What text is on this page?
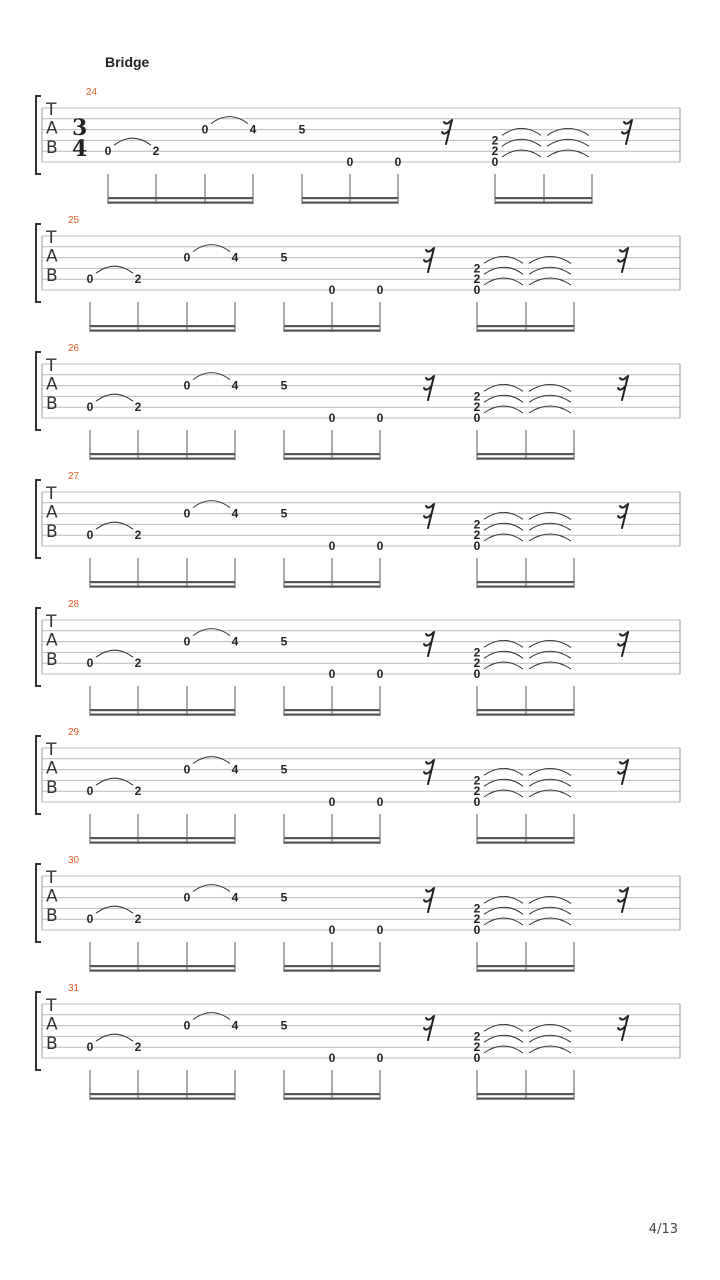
Bridge
T
A
B
3
4
24
0	2
0	4	5
0	0
2
2
0
T
A
B
25
0	2
0	4	5
0	0
2
2
0
T
A
B
26
0	2
0	4	5
0	0
2
2
0
T
A
B
27
0	2
0	4	5
0	0
2
2
0
T
A
B
28
0	2
0	4	5
0	0
2
2
0
T
A
B
29
0	2
0	4	5
0	0
2
2
0
T
A
B
30
0	2
0	4	5
0	0
2
2
0
T
A
B
31
0	2
0	4	5
0	0
2
2
0
4/13
